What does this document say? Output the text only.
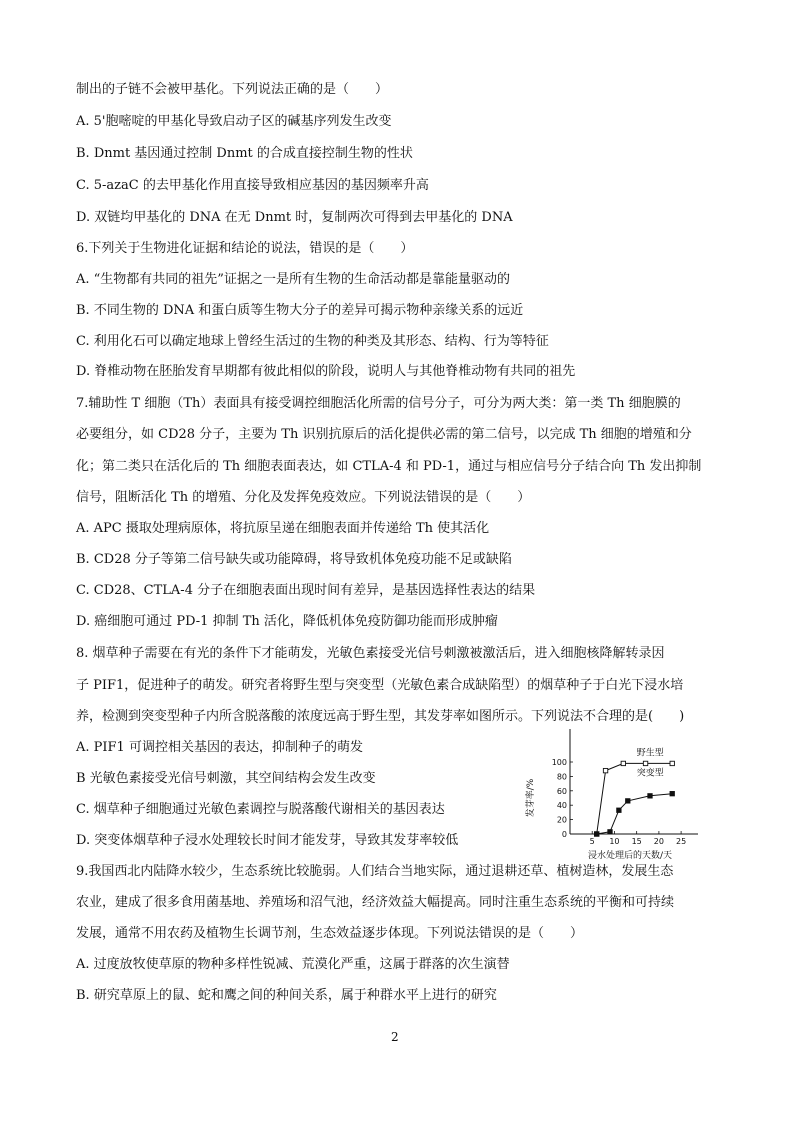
制出的子链不会被甲基化。下列说法正确的是（　　）
A. 5'胞嘧啶的甲基化导致启动子区的碱基序列发生改变
B. Dnmt 基因通过控制 Dnmt 的合成直接控制生物的性状
C. 5-azaC 的去甲基化作用直接导致相应基因的基因频率升高
D. 双链均甲基化的 DNA 在无 Dnmt 时，复制两次可得到去甲基化的 DNA
6.下列关于生物进化证据和结论的说法，错误的是（　　）
A. “生物都有共同的祖先”证据之一是所有生物的生命活动都是靠能量驱动的
B. 不同生物的 DNA 和蛋白质等生物大分子的差异可揭示物种亲缘关系的远近
C. 利用化石可以确定地球上曾经生活过的生物的种类及其形态、结构、行为等特征
D. 脊椎动物在胚胎发育早期都有彼此相似的阶段，说明人与其他脊椎动物有共同的祖先
7.辅助性 T 细胞（Th）表面具有接受调控细胞活化所需的信号分子，可分为两大类：第一类 Th 细胞膜的
必要组分，如 CD28 分子，主要为 Th 识别抗原后的活化提供必需的第二信号，以完成 Th 细胞的增殖和分
化；第二类只在活化后的 Th 细胞表面表达，如 CTLA-4 和 PD-1，通过与相应信号分子结合向 Th 发出抑制
信号，阻断活化 Th 的增殖、分化及发挥免疫效应。下列说法错误的是（　　）
A. APC 摄取处理病原体，将抗原呈递在细胞表面并传递给 Th 使其活化
B. CD28 分子等第二信号缺失或功能障碍，将导致机体免疫功能不足或缺陷
C. CD28、CTLA-4 分子在细胞表面出现时间有差异，是基因选择性表达的结果
D. 癌细胞可通过 PD-1 抑制 Th 活化，降低机体免疫防御功能而形成肿瘤
8. 烟草种子需要在有光的条件下才能萌发，光敏色素接受光信号刺激被激活后，进入细胞核降解转录因
子 PIF1，促进种子的萌发。研究者将野生型与突变型（光敏色素合成缺陷型）的烟草种子于白光下浸水培
养，检测到突变型种子内所含脱落酸的浓度远高于野生型，其发芽率如图所示。下列说法不合理的是(　　)
A. PIF1 可调控相关基因的表达，抑制种子的萌发
B 光敏色素接受光信号刺激，其空间结构会发生改变
C. 烟草种子细胞通过光敏色素调控与脱落酸代谢相关的基因表达
D. 突变体烟草种子浸水处理较长时间才能发芽，导致其发芽率较低
9.我国西北内陆降水较少，生态系统比较脆弱。人们结合当地实际，通过退耕还草、植树造林，发展生态
农业，建成了很多食用菌基地、养殖场和沼气池，经济效益大幅提高。同时注重生态系统的平衡和可持续
发展，通常不用农药及植物生长调节剂，生态效益逐步体现。下列说法错误的是（　　）
A. 过度放牧使草原的物种多样性锐减、荒漠化严重，这属于群落的次生演替
B. 研究草原上的鼠、蛇和鹰之间的种间关系，属于种群水平上进行的研究
0
20
40
60
80
100
5 10 15 20 25
浸水处理后的天数/天
发芽率/%
野生型
突变型
2
